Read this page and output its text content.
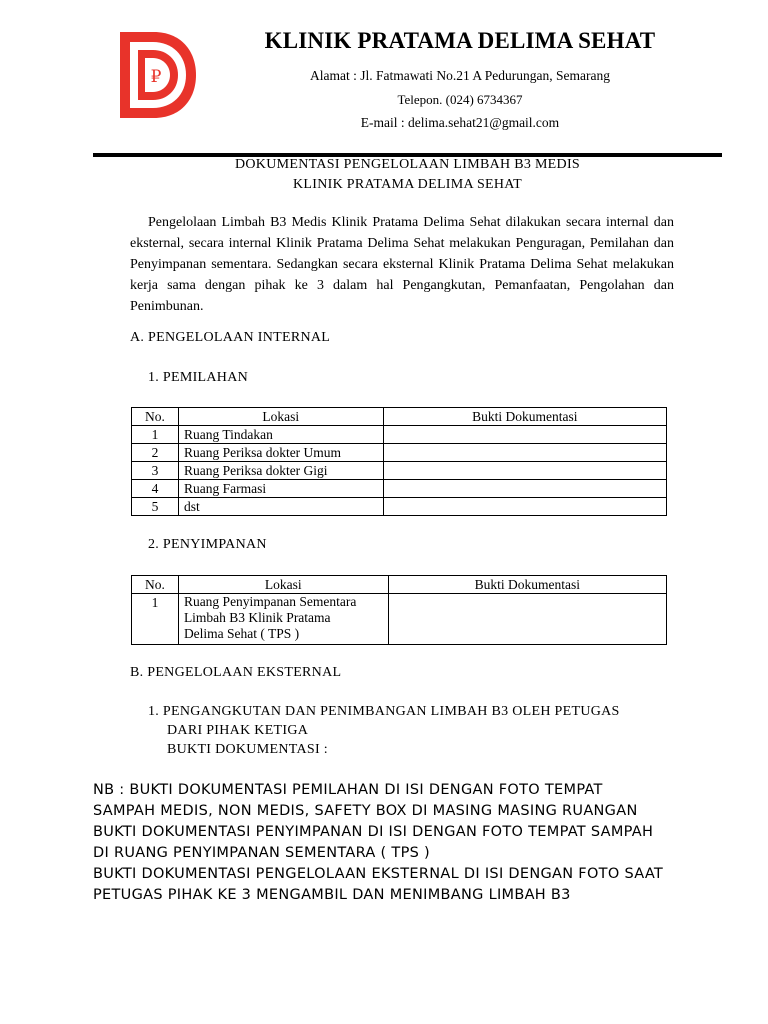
₽
KLINIK PRATAMA DELIMA SEHAT
Alamat : Jl. Fatmawati No.21 A Pedurungan, Semarang
Telepon. (024) 6734367
E-mail : delima.sehat21@gmail.com
DOKUMENTASI PENGELOLAAN LIMBAH B3 MEDIS
KLINIK PRATAMA DELIMA SEHAT
Pengelolaan Limbah B3 Medis Klinik Pratama Delima Sehat dilakukan secara internal dan eksternal, secara internal Klinik Pratama Delima Sehat melakukan Penguragan, Pemilahan dan Penyimpanan sementara. Sedangkan secara eksternal Klinik Pratama Delima Sehat melakukan kerja sama dengan pihak ke 3 dalam hal Pengangkutan, Pemanfaatan, Pengolahan dan Penimbunan.
A. PENGELOLAAN INTERNAL
1. PEMILAHAN
No.	Lokasi	Bukti Dokumentasi
1	Ruang Tindakan	
2	Ruang Periksa dokter Umum	
3	Ruang Periksa dokter Gigi	
4	Ruang Farmasi	
5	dst	
2. PENYIMPANAN
No.	Lokasi	Bukti Dokumentasi
1	Ruang Penyimpanan Sementara
Limbah B3 Klinik Pratama
Delima Sehat ( TPS )	

B. PENGELOLAAN EKSTERNAL
1. PENGANGKUTAN DAN PENIMBANGAN LIMBAH B3 OLEH PETUGAS
DARI PIHAK KETIGA
BUKTI DOKUMENTASI :
NB : BUKTI DOKUMENTASI PEMILAHAN DI ISI DENGAN FOTO TEMPAT
SAMPAH MEDIS, NON MEDIS, SAFETY BOX DI MASING MASING RUANGAN
BUKTI DOKUMENTASI PENYIMPANAN DI ISI DENGAN FOTO TEMPAT SAMPAH
DI RUANG PENYIMPANAN SEMENTARA ( TPS )
BUKTI DOKUMENTASI PENGELOLAAN EKSTERNAL DI ISI DENGAN FOTO SAAT
PETUGAS PIHAK KE 3 MENGAMBIL DAN MENIMBANG LIMBAH B3
